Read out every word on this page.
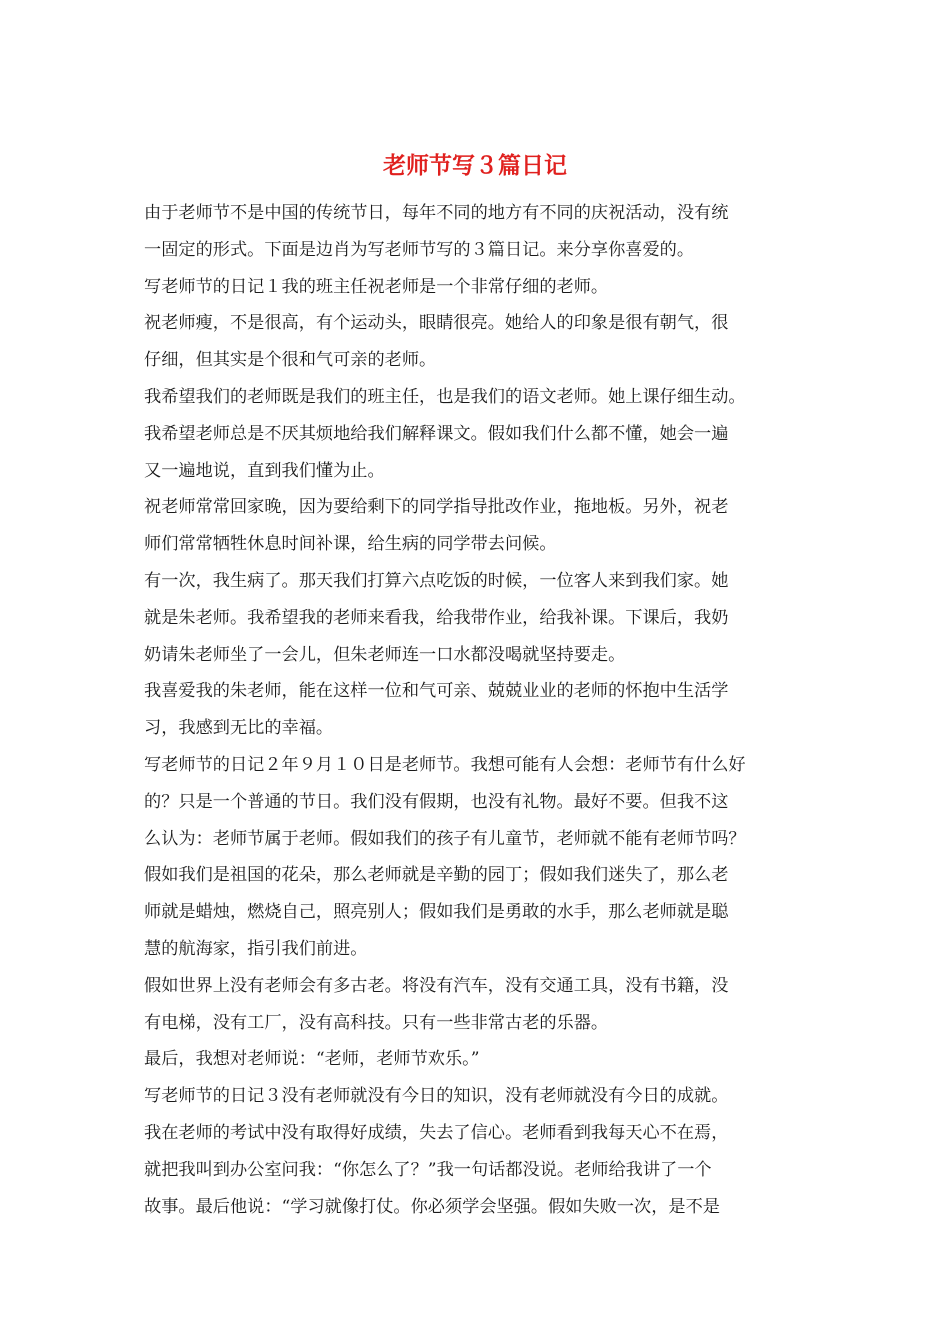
老师节写３篇日记
由于老师节不是中国的传统节日，每年不同的地方有不同的庆祝活动，没有统
一固定的形式。下面是边肖为写老师节写的３篇日记。来分享你喜爱的。
写老师节的日记１我的班主任祝老师是一个非常仔细的老师。
祝老师瘦，不是很高，有个运动头，眼睛很亮。她给人的印象是很有朝气，很
仔细，但其实是个很和气可亲的老师。
我希望我们的老师既是我们的班主任，也是我们的语文老师。她上课仔细生动。
我希望老师总是不厌其烦地给我们解释课文。假如我们什么都不懂，她会一遍
又一遍地说，直到我们懂为止。
祝老师常常回家晚，因为要给剩下的同学指导批改作业，拖地板。另外，祝老
师们常常牺牲休息时间补课，给生病的同学带去问候。
有一次，我生病了。那天我们打算六点吃饭的时候，一位客人来到我们家。她
就是朱老师。我希望我的老师来看我，给我带作业，给我补课。下课后，我奶
奶请朱老师坐了一会儿，但朱老师连一口水都没喝就坚持要走。
我喜爱我的朱老师，能在这样一位和气可亲、兢兢业业的老师的怀抱中生活学
习，我感到无比的幸福。
写老师节的日记２年９月１０日是老师节。我想可能有人会想：老师节有什么好
的？只是一个普通的节日。我们没有假期，也没有礼物。最好不要。但我不这
么认为：老师节属于老师。假如我们的孩子有儿童节，老师就不能有老师节吗？
假如我们是祖国的花朵，那么老师就是辛勤的园丁；假如我们迷失了，那么老
师就是蜡烛，燃烧自己，照亮别人；假如我们是勇敢的水手，那么老师就是聪
慧的航海家，指引我们前进。
假如世界上没有老师会有多古老。将没有汽车，没有交通工具，没有书籍，没
有电梯，没有工厂，没有高科技。只有一些非常古老的乐器。
最后，我想对老师说：“老师，老师节欢乐。”
写老师节的日记３没有老师就没有今日的知识，没有老师就没有今日的成就。
我在老师的考试中没有取得好成绩，失去了信心。老师看到我每天心不在焉，
就把我叫到办公室问我：“你怎么了？”我一句话都没说。老师给我讲了一个
故事。最后他说：“学习就像打仗。你必须学会坚强。假如失败一次，是不是
